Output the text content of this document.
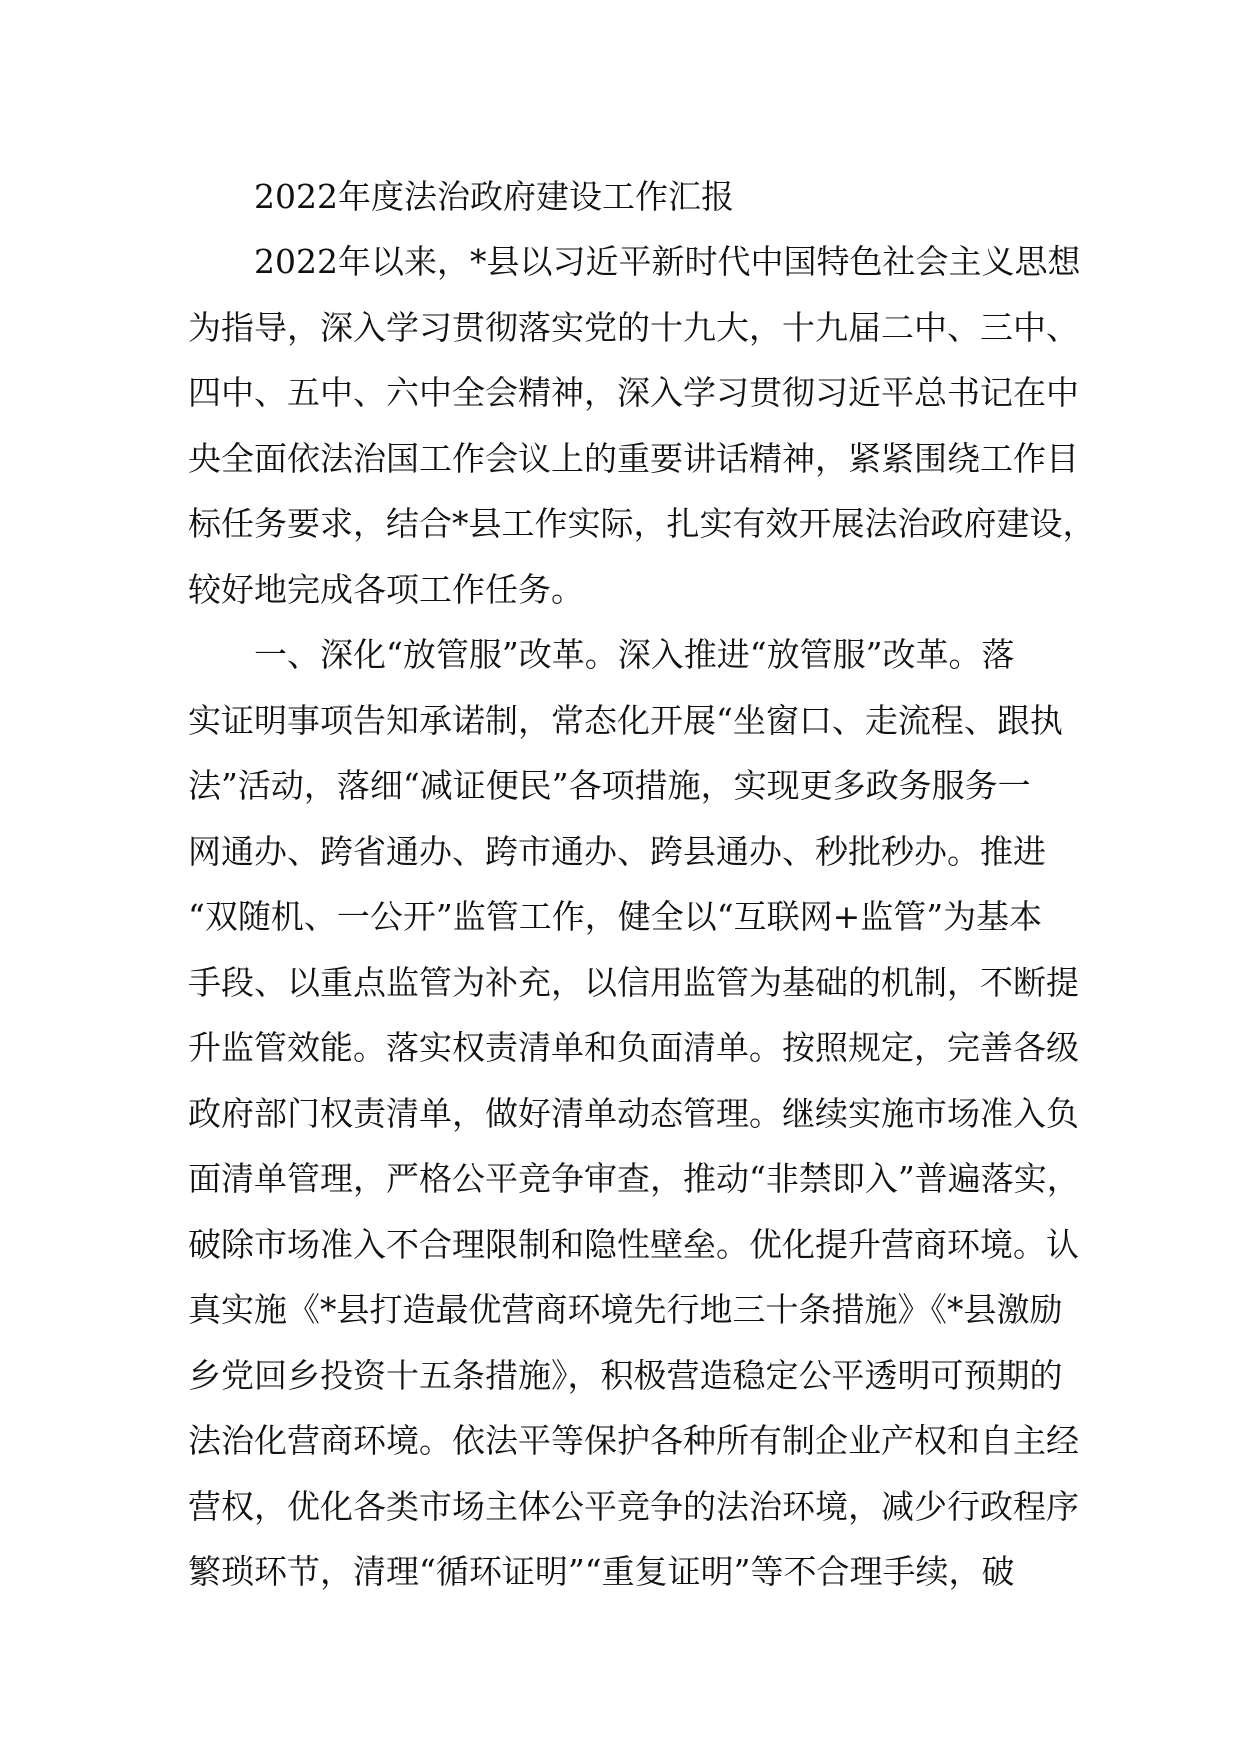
2022年度法治政府建设工作汇报

2022年以来，*县以习近平新时代中国特色社会主义思想
为指导，深入学习贯彻落实党的十九大，十九届二中、三中、
四中、五中、六中全会精神，深入学习贯彻习近平总书记在中
央全面依法治国工作会议上的重要讲话精神，紧紧围绕工作目
标任务要求，结合*县工作实际，扎实有效开展法治政府建设，
较好地完成各项工作任务。

一、深化“放管服”改革。深入推进“放管服”改革。落
实证明事项告知承诺制，常态化开展“坐窗口、走流程、跟执
法”活动，落细“减证便民”各项措施，实现更多政务服务一
网通办、跨省通办、跨市通办、跨县通办、秒批秒办。推进
“双随机、一公开”监管工作，健全以“互联网+监管”为基本
手段、以重点监管为补充，以信用监管为基础的机制，不断提
升监管效能。落实权责清单和负面清单。按照规定，完善各级
政府部门权责清单，做好清单动态管理。继续实施市场准入负
面清单管理，严格公平竞争审查，推动“非禁即入”普遍落实，
破除市场准入不合理限制和隐性壁垒。优化提升营商环境。认
真实施《*县打造最优营商环境先行地三十条措施》《*县激励
乡党回乡投资十五条措施》，积极营造稳定公平透明可预期的
法治化营商环境。依法平等保护各种所有制企业产权和自主经
营权，优化各类市场主体公平竞争的法治环境，减少行政程序
繁琐环节，清理“循环证明”“重复证明”等不合理手续，破
